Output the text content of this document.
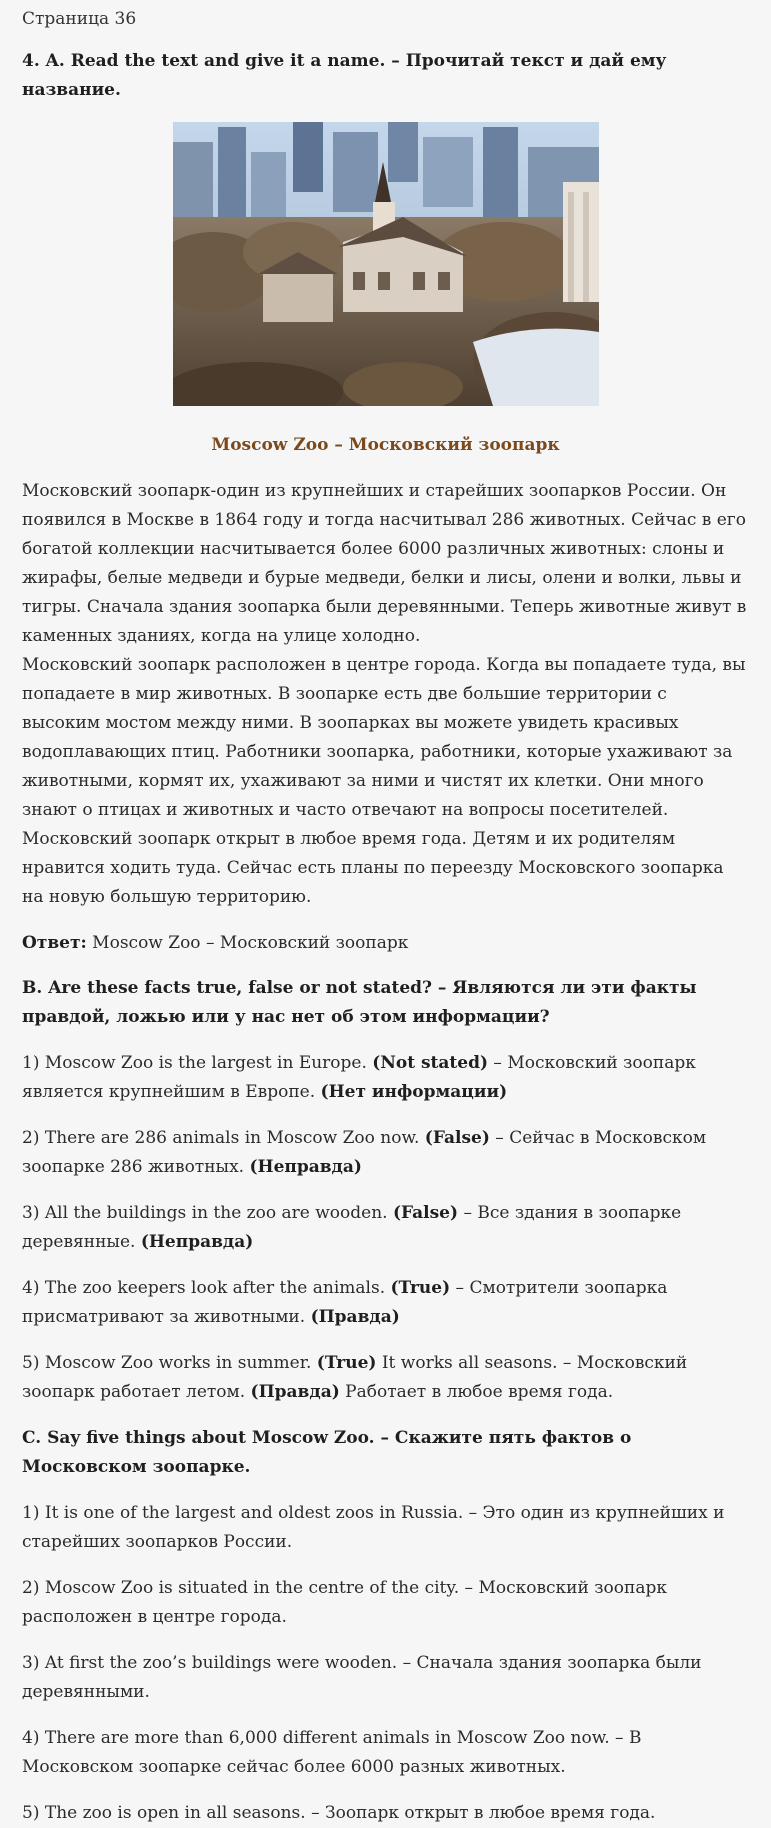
Страница 36
4. A. Read the text and give it a name. – Прочитай текст и дай ему название.
Moscow Zoo – Московский зоопарк
Московский зоопарк-один из крупнейших и старейших зоопарков России. Он появился в Москве в 1864 году и тогда насчитывал 286 животных. Сейчас в его богатой коллекции насчитывается более 6000 различных животных: слоны и жирафы, белые медведи и бурые медведи, белки и лисы, олени и волки, львы и тигры. Сначала здания зоопарка были деревянными. Теперь животные живут в каменных зданиях, когда на улице холодно.
Московский зоопарк расположен в центре города. Когда вы попадаете туда, вы попадаете в мир животных. В зоопарке есть две большие территории с высоким мостом между ними. В зоопарках вы можете увидеть красивых водоплавающих птиц. Работники зоопарка, работники, которые ухаживают за животными, кормят их, ухаживают за ними и чистят их клетки. Они много знают о птицах и животных и часто отвечают на вопросы посетителей. Московский зоопарк открыт в любое время года. Детям и их родителям нравится ходить туда. Сейчас есть планы по переезду Московского зоопарка на новую большую территорию.
Ответ: Moscow Zoo – Московский зоопарк
B. Are these facts true, false or not stated? – Являются ли эти факты правдой, ложью или у нас нет об этом информации?
1) Moscow Zoo is the largest in Europe. (Not stated) – Московский зоопарк является крупнейшим в Европе. (Нет информации)
2) There are 286 animals in Moscow Zoo now. (False) – Сейчас в Московском зоопарке 286 животных. (Неправда)
3) All the buildings in the zoo are wooden. (False) – Все здания в зоопарке деревянные. (Неправда)
4) The zoo keepers look after the animals. (True) – Смотрители зоопарка присматривают за животными. (Правда)
5) Moscow Zoo works in summer. (True) It works all seasons. – Московский зоопарк работает летом. (Правда) Работает в любое время года.
C. Say five things about Moscow Zoo. – Скажите пять фактов о Московском зоопарке.
1) It is one of the largest and oldest zoos in Russia. – Это один из крупнейших и старейших зоопарков России.
2) Moscow Zoo is situated in the centre of the city. – Московский зоопарк расположен в центре города.
3) At first the zoo’s buildings were wooden. – Сначала здания зоопарка были деревянными.
4) There are more than 6,000 different animals in Moscow Zoo now. – В Московском зоопарке сейчас более 6000 разных животных.
5) The zoo is open in all seasons. – Зоопарк открыт в любое время года.
